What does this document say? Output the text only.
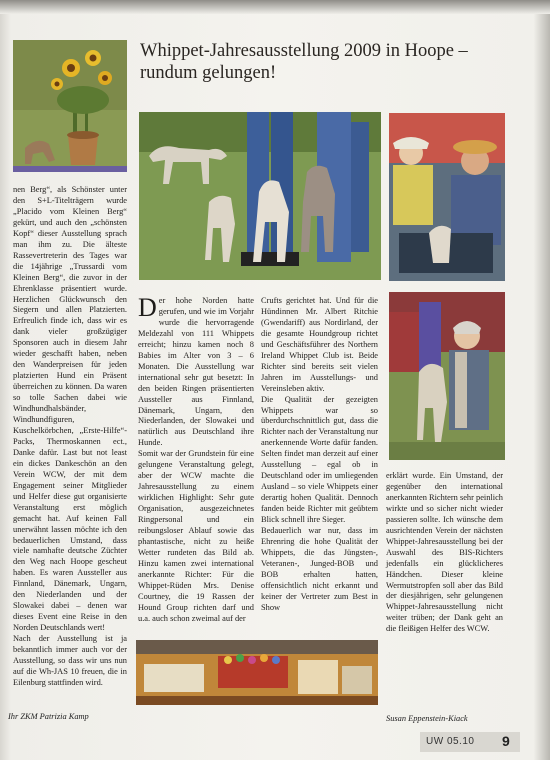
Whippet-Jahresausstellung 2009 in Hoope –
rundum gelungen!

nen Berg“, als Schönster unter den S+L-Titelträgern wurde „Placido vom Kleinen Berg“ gekürt, und auch den „schönsten Kopf“ dieser Ausstellung sprach man ihm zu. Die älteste Rassevertreterin des Tages war die 14jährige „Trussardi vom Kleinen Berg“, die zuvor in der Ehrenklasse präsentiert wurde. Herzlichen Glückwunsch den Siegern und allen Platzierten. Erfreulich finde ich, dass wir es dank vieler großzügiger Sponsoren auch in diesem Jahr wieder geschafft haben, neben den Wanderpreisen für jeden platzierten Hund ein Präsent überreichen zu können. Da waren so tolle Sachen dabei wie Windhundhalsbänder, Windhundfiguren, Kuschelkörbchen, „Erste-Hilfe“-Packs, Thermoskannen ect., Danke dafür. Last but not least ein dickes Dankeschön an den Verein WCW, der mit dem Engagement seiner Mitglieder und Helfer diese gut organisierte Veranstaltung erst möglich gemacht hat. Auf keinen Fall unerwähnt lassen möchte ich den bedauerlichen Umstand, dass viele namhafte deutsche Züchter den Weg nach Hoope gescheut haben. Es waren Aussteller aus Finnland, Dänemark, Ungarn, den Niederlanden und der Slowakei dabei – denen war dieses Event eine Reise in den Norden Deutschlands wert!

Nach der Ausstellung ist ja bekanntlich immer auch vor der Ausstellung, so dass wir uns nun auf die Wh-JAS 10 freuen, die in Eilenburg stattfinden wird.

Der hohe Norden hatte gerufen, und wie im Vorjahr wurde die hervorragende Meldezahl von 111 Whippets erreicht; hinzu kamen noch 8 Babies im Alter von 3 – 6 Monaten. Die Ausstellung war international sehr gut besetzt: In den beiden Ringen präsentierten Aussteller aus Finnland, Dänemark, Ungarn, den Niederlanden, der Slowakei und natürlich aus Deutschland ihre Hunde.

Somit war der Grundstein für eine gelungene Veranstaltung gelegt, aber der WCW machte die Jahresausstellung zu einem wirklichen Highlight: Sehr gute Organisation, ausgezeichnetes Ringpersonal und ein reibungsloser Ablauf sowie das phantastische, nicht zu heiße Wetter rundeten das Bild ab. Hinzu kamen zwei international anerkannte Richter: Für die Whippet-Rüden Mrs. Denise Courtney, die 19 Rassen der Hound Group richten darf und u.a. auch schon zweimal auf der

Crufts gerichtet hat. Und für die Hündinnen Mr. Albert Ritchie (Gwendariff) aus Nordirland, der die gesamte Houndgroup richtet und Geschäftsführer des Northern Ireland Whippet Club ist. Beide Richter sind bereits seit vielen Jahren im Ausstellungs- und Vereinsleben aktiv.

Die Qualität der gezeigten Whippets war so überdurchschnittlich gut, dass die Richter nach der Veranstaltung nur anerkennende Worte dafür fanden. Selten findet man derzeit auf einer Ausstellung – egal ob in Deutschland oder im umliegenden Ausland – so viele Whippets einer derartig hohen Qualität. Dennoch fanden beide Richter mit geübtem Blick schnell ihre Sieger.

Bedauerlich war nur, dass im Ehrenring die hohe Qualität der Whippets, die das Jüngsten-, Veteranen-, Junged-BOB und BOB erhalten hatten, offensichtlich nicht erkannt und keiner der Vertreter zum Best in Show

erklärt wurde. Ein Umstand, der gegenüber den international anerkannten Richtern sehr peinlich wirkte und so sicher nicht wieder passieren sollte. Ich wünsche dem ausrichtenden Verein der nächsten Whippet-Jahresausstellung bei der Auswahl des BIS-Richters jedenfalls ein glücklicheres Händchen. Dieser kleine Wermutstropfen soll aber das Bild der diesjährigen, sehr gelungenen Whippet-Jahresausstellung nicht weiter trüben; der Dank geht an die fleißigen Helfer des WCW.

Ihr ZKM Patrizia Kamp	Susan Eppenstein-Kiack
UW 05.10 9
